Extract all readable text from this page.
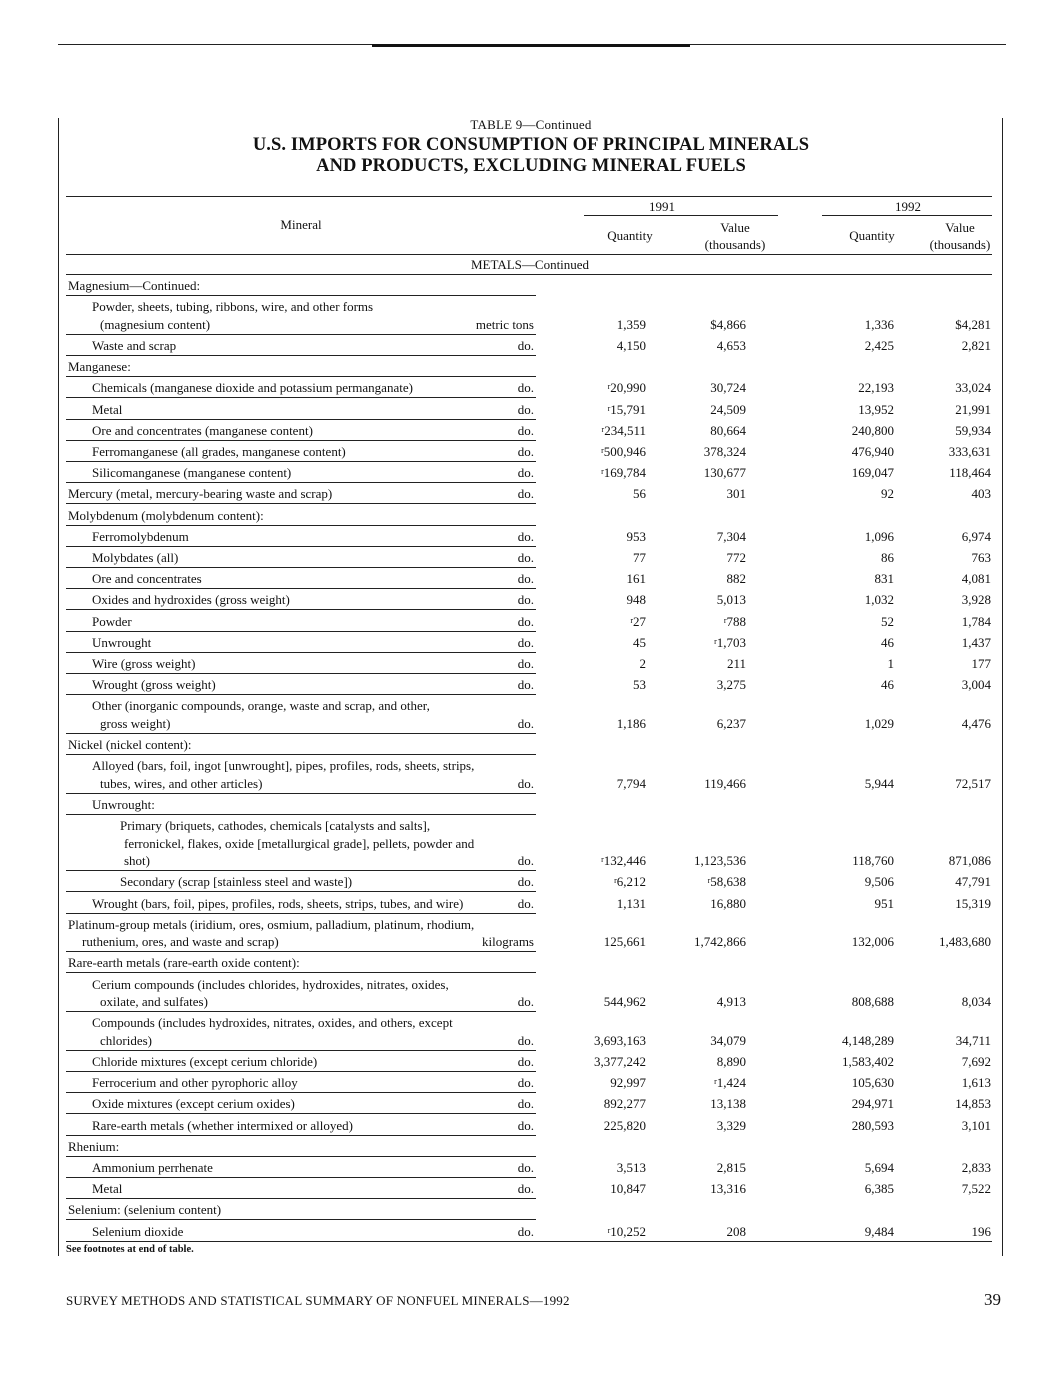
TABLE 9—Continued
U.S. IMPORTS FOR CONSUMPTION OF PRINCIPAL MINERALS
AND PRODUCTS, EXCLUDING MINERAL FUELS
1991	1992
Mineral
Quantity
Value
(thousands)
Quantity
Value
(thousands)
METALS—Continued
Magnesium—Continued:
Powder, sheets, tubing, ribbons, wire, and other forms
(magnesium content)	metric tons	1,359	$4,866	1,336	$4,281
Waste and scrap	do.	4,150	4,653	2,425	2,821
Manganese:
Chemicals (manganese dioxide and potassium permanganate)	do.	$^r$20,990	30,724	22,193	33,024
Metal	do.	$^r$15,791	24,509	13,952	21,991
Ore and concentrates (manganese content)	do.	$^r$234,511	80,664	240,800	59,934
Ferromanganese (all grades, manganese content)	do.	$^r$500,946	378,324	476,940	333,631
Silicomanganese (manganese content)	do.	$^r$169,784	130,677	169,047	118,464
Mercury (metal, mercury-bearing waste and scrap)	do.	56	301	92	403
Molybdenum (molybdenum content):
Ferromolybdenum	do.	953	7,304	1,096	6,974
Molybdates (all)	do.	77	772	86	763
Ore and concentrates	do.	161	882	831	4,081
Oxides and hydroxides (gross weight)	do.	948	5,013	1,032	3,928
Powder	do.	$^r$27	$^r$788	52	1,784
Unwrought	do.	45	$^r$1,703	46	1,437
Wire (gross weight)	do.	2	211	1	177
Wrought (gross weight)	do.	53	3,275	46	3,004
Other (inorganic compounds, orange, waste and scrap, and other,
gross weight)	do.	1,186	6,237	1,029	4,476
Nickel (nickel content):
Alloyed (bars, foil, ingot [unwrought], pipes, profiles, rods, sheets, strips,
tubes, wires, and other articles)	do.	7,794	119,466	5,944	72,517
Unwrought:
Primary (briquets, cathodes, chemicals [catalysts and salts],
ferronickel, flakes, oxide [metallurgical grade], pellets, powder and
shot)	do.	$^r$132,446	1,123,536	118,760	871,086
Secondary (scrap [stainless steel and waste])	do.	$^r$6,212	$^r$58,638	9,506	47,791
Wrought (bars, foil, pipes, profiles, rods, sheets, strips, tubes, and wire)	do.	1,131	16,880	951	15,319
Platinum-group metals (iridium, ores, osmium, palladium, platinum, rhodium,
ruthenium, ores, and waste and scrap)	kilograms	125,661	1,742,866	132,006	1,483,680
Rare-earth metals (rare-earth oxide content):
Cerium compounds (includes chlorides, hydroxides, nitrates, oxides,
oxilate, and sulfates)	do.	544,962	4,913	808,688	8,034
Compounds (includes hydroxides, nitrates, oxides, and others, except
chlorides)	do.	3,693,163	34,079	4,148,289	34,711
Chloride mixtures (except cerium chloride)	do.	3,377,242	8,890	1,583,402	7,692
Ferrocerium and other pyrophoric alloy	do.	92,997	$^r$1,424	105,630	1,613
Oxide mixtures (except cerium oxides)	do.	892,277	13,138	294,971	14,853
Rare-earth metals (whether intermixed or alloyed)	do.	225,820	3,329	280,593	3,101
Rhenium:
Ammonium perrhenate	do.	3,513	2,815	5,694	2,833
Metal	do.	10,847	13,316	6,385	7,522
Selenium: (selenium content)
Selenium dioxide	do.	$^r$10,252	208	9,484	196
See footnotes at end of table.
SURVEY METHODS AND STATISTICAL SUMMARY OF NONFUEL MINERALS—1992	39
